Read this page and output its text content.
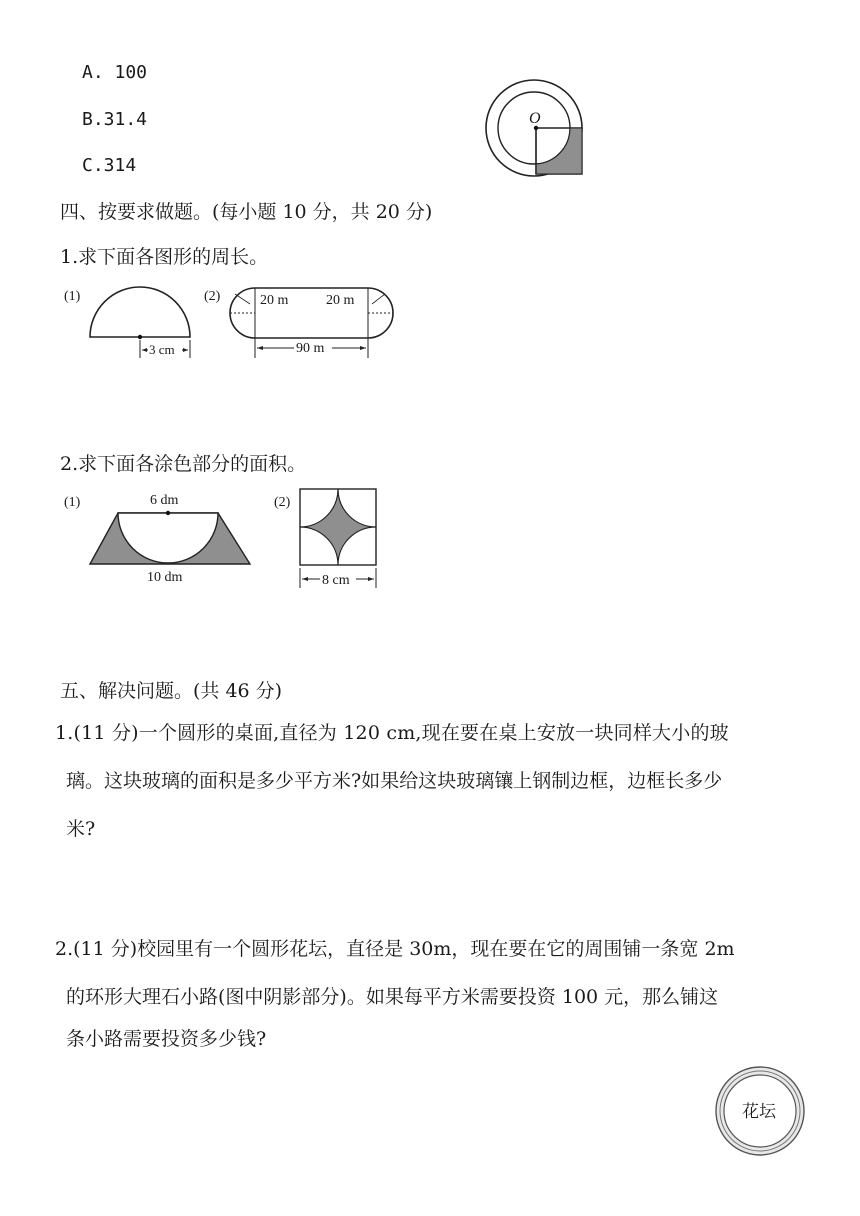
A. 100
B.31.4
C.314
O
四、按要求做题。(每小题 10 分，共 20 分)
1.求下面各图形的周长。
(1)
3 cm
(2)	20 m	20 m
90 m
2.求下面各涂色部分的面积。
(1)	6 dm
10 dm
(2)
8 cm
五、解决问题。(共 46 分)
1.(11 分)一个圆形的桌面,直径为 120 cm,现在要在桌上安放一块同样大小的玻
璃。这块玻璃的面积是多少平方米?如果给这块玻璃镶上钢制边框，边框长多少
米?
2.(11 分)校园里有一个圆形花坛，直径是 30m，现在要在它的周围铺一条宽 2m
的环形大理石小路(图中阴影部分)。如果每平方米需要投资 100 元，那么铺这
条小路需要投资多少钱?
花坛
